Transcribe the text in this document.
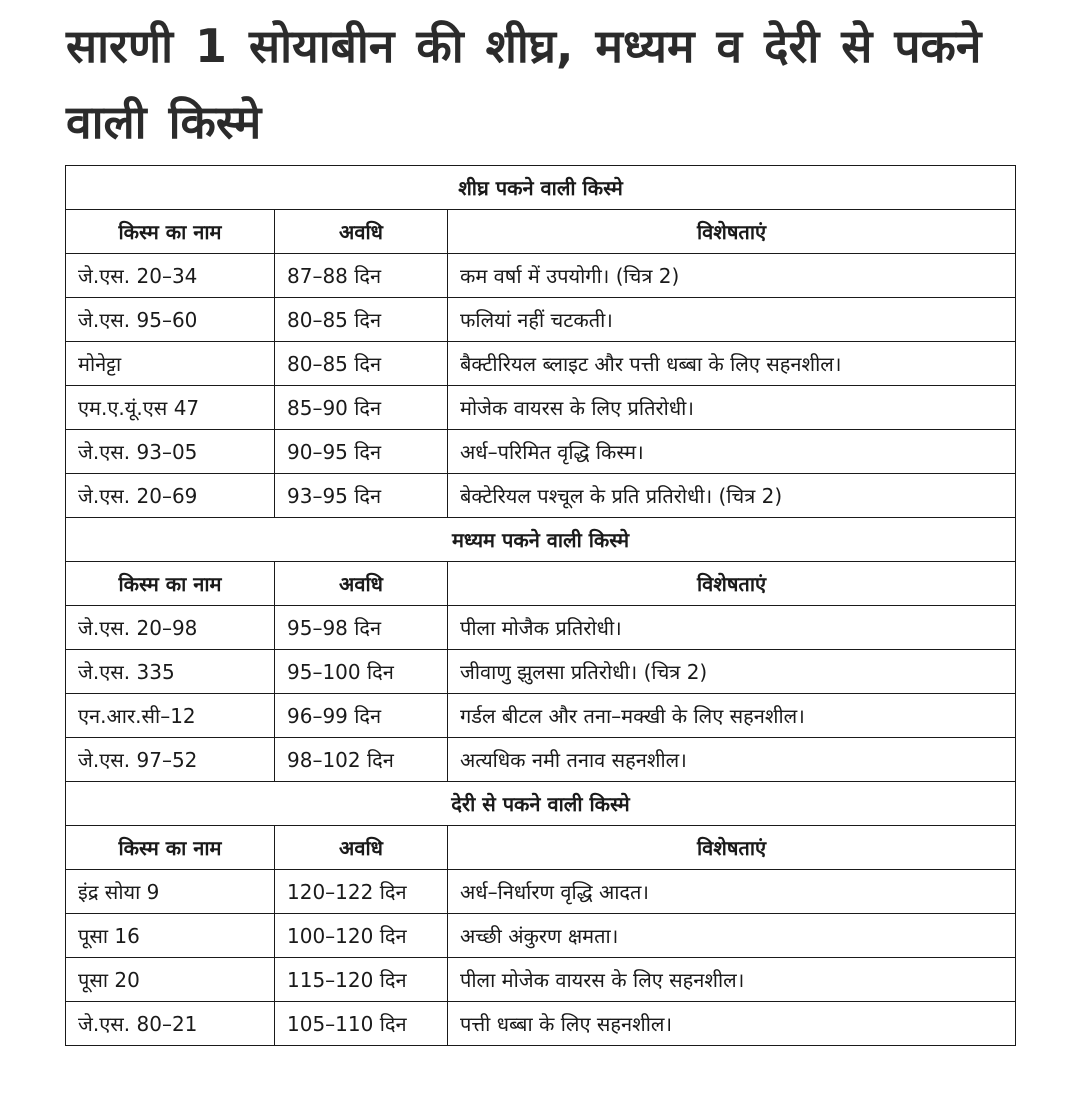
सारणी 1 सोयाबीन की शीघ्र, मध्यम व देरी से पकने वाली किस्मे
शीघ्र पकने वाली किस्मे		
किस्म का नाम	अवधि	विशेषताएं
जे.एस. 20–34	87–88 दिन	कम वर्षा में उपयोगी। (चित्र 2)
जे.एस. 95–60	80–85 दिन	फलियां नहीं चटकती।
मोनेट्टा	80–85 दिन	बैक्टीरियल ब्लाइट और पत्ती धब्बा के लिए सहनशील।
एम.ए.यूं.एस 47	85–90 दिन	मोजेक वायरस के लिए प्रतिरोधी।
जे.एस. 93–05	90–95 दिन	अर्ध–परिमित वृद्धि किस्म।
जे.एस. 20–69	93–95 दिन	बेक्टेरियल पश्चूल के प्रति प्रतिरोधी। (चित्र 2)
मध्यम पकने वाली किस्मे		
किस्म का नाम	अवधि	विशेषताएं
जे.एस. 20–98	95–98 दिन	पीला मोजैक प्रतिरोधी।
जे.एस. 335	95–100 दिन	जीवाणु झुलसा प्रतिरोधी। (चित्र 2)
एन.आर.सी–12	96–99 दिन	गर्डल बीटल और तना–मक्खी के लिए सहनशील।
जे.एस. 97–52	98–102 दिन	अत्यधिक नमी तनाव सहनशील।
देरी से पकने वाली किस्मे		
किस्म का नाम	अवधि	विशेषताएं
इंद्र सोया 9	120–122 दिन	अर्ध–निर्धारण वृद्धि आदत।
पूसा 16	100–120 दिन	अच्छी अंकुरण क्षमता।
पूसा 20	115–120 दिन	पीला मोजेक वायरस के लिए सहनशील।
जे.एस. 80–21	105–110 दिन	पत्ती धब्बा के लिए सहनशील।
